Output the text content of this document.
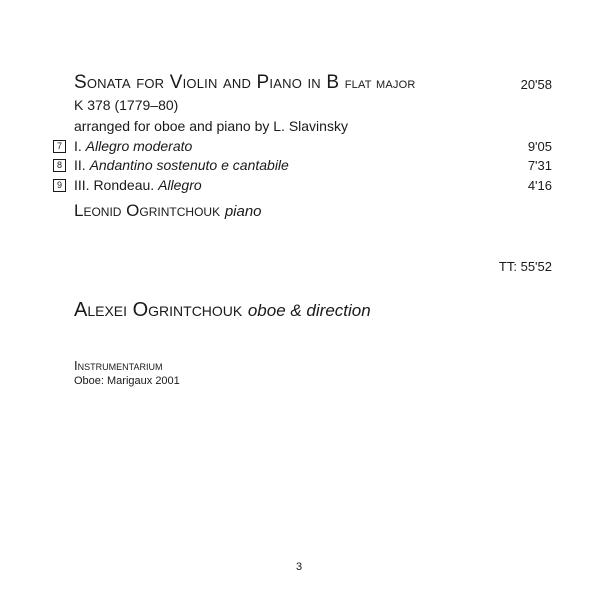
Sonata for Violin and Piano in B flat major	20'58
K 378 (1779–80)
arranged for oboe and piano by L. Slavinsky
7 I. Allegro moderato	9'05
8 II. Andantino sostenuto e cantabile	7'31
9 III. Rondeau. Allegro	4'16
Leonid Ogrintchouk piano
TT: 55'52
Alexei Ogrintchouk oboe & direction
Instrumentarium
Oboe: Marigaux 2001
3
